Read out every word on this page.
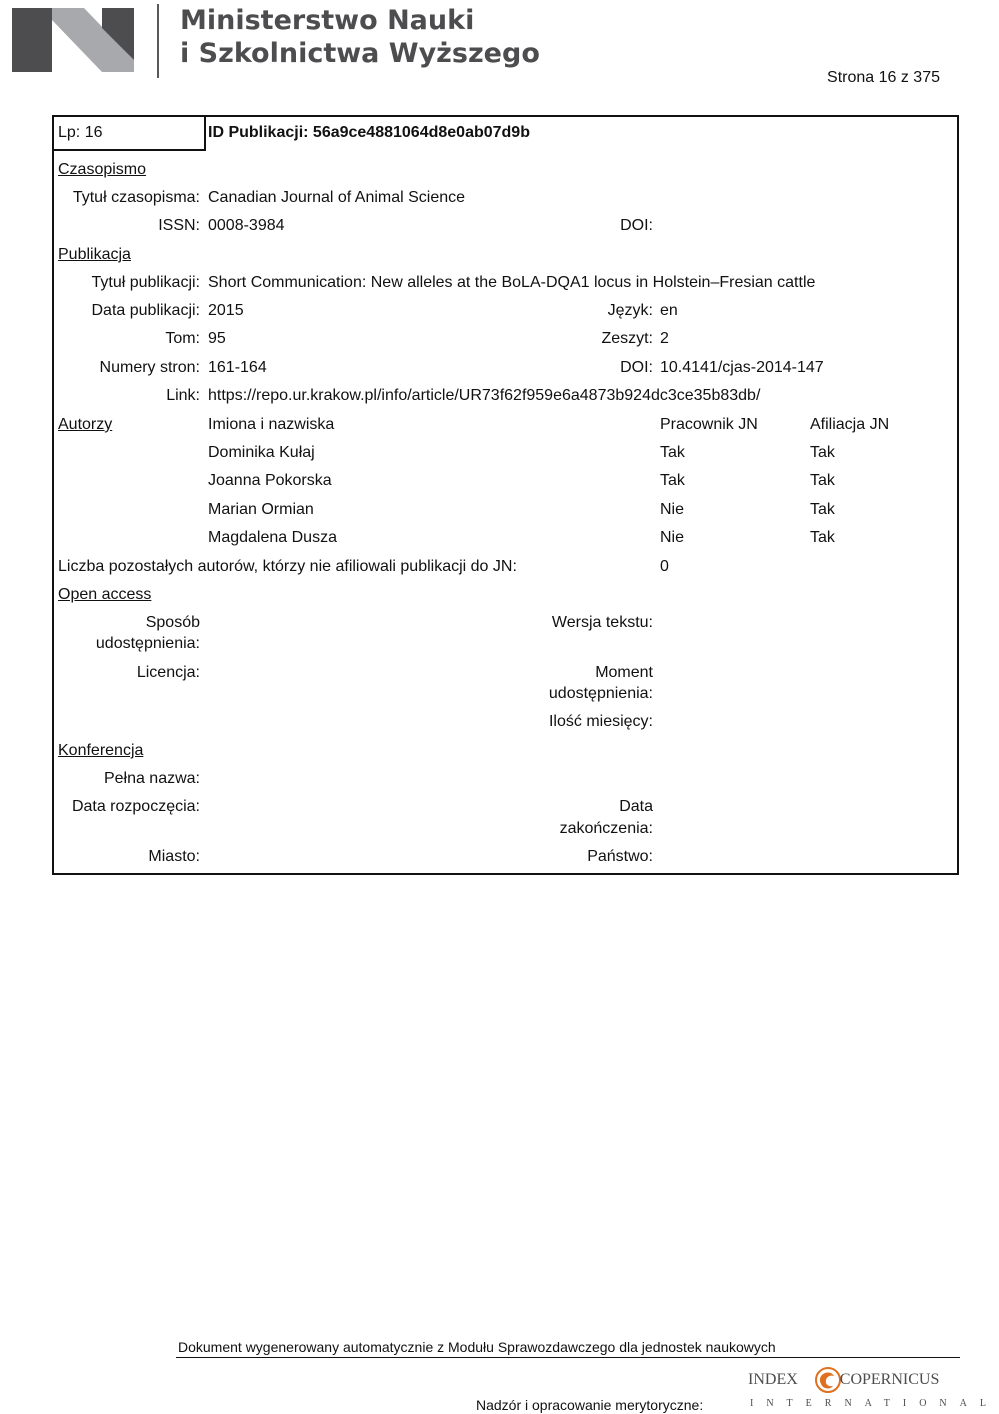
Ministerstwo Nauki
i Szkolnictwa Wyższego
Strona 16 z 375
Lp: 16	ID Publikacji: 56a9ce4881064d8e0ab07d9b
Czasopismo
Tytuł czasopisma: Canadian Journal of Animal Science
ISSN: 0008-3984	DOI:
Publikacja
Tytuł publikacji: Short Communication: New alleles at the BoLA-DQA1 locus in Holstein–Fresian cattle
Data publikacji: 2015	Język: en
Tom: 95	Zeszyt: 2
Numery stron: 161-164	DOI: 10.4141/cjas-2014-147
Link: https://repo.ur.krakow.pl/info/article/UR73f62f959e6a4873b924dc3ce35b83db/
Autorzy	Imiona i nazwiska	Pracownik JN	Afiliacja JN
Dominika Kułaj	Tak	Tak
Joanna Pokorska	Tak	Tak
Marian Ormian	Nie	Tak
Magdalena Dusza	Nie	Tak
Liczba pozostałych autorów, którzy nie afiliowali publikacji do JN:	0
Open access
Sposób
udostępnienia:
Wersja tekstu:
Licencja:	Moment
udostępnienia:
Ilość miesięcy:
Konferencja
Pełna nazwa:
Data rozpoczęcia:	Data
zakończenia:
Miasto:	Państwo:
Dokument wygenerowany automatycznie z Modułu Sprawozdawczego dla jednostek naukowych
Nadzór i opracowanie merytoryczne:
INDEX	COPERNICUS
INTERNATIONAL
